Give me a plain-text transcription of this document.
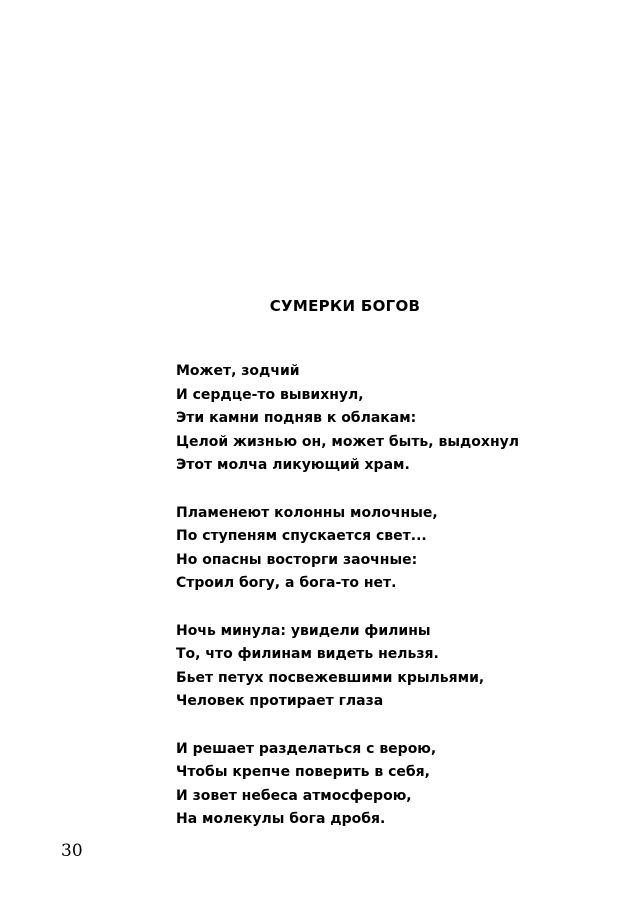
СУМЕРКИ БОГОВ
Может, зодчий
И сердце-то вывихнул,
Эти камни подняв к облакам:
Целой жизнью он, может быть, выдохнул
Этот молча ликующий храм.
Пламенеют колонны молочные,
По ступеням спускается свет...
Но опасны восторги заочные:
Строил богу, а бога-то нет.
Ночь минула: увидели филины
То, что филинам видеть нельзя.
Бьет петух посвежевшими крыльями,
Человек протирает глаза
И решает разделаться с верою,
Чтобы крепче поверить в себя,
И зовет небеса атмосферою,
На молекулы бога дробя.
30
